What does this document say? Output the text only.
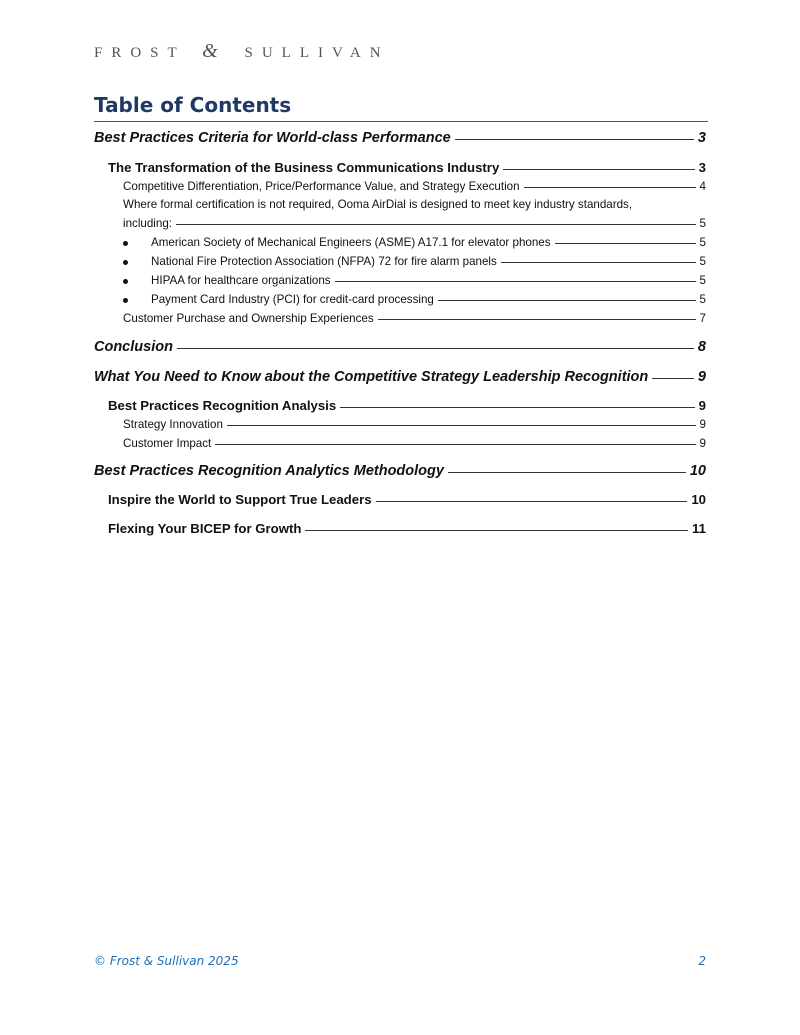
FROST & SULLIVAN
Table of Contents
Best Practices Criteria for World-class Performance	3
The Transformation of the Business Communications Industry	3
Competitive Differentiation, Price/Performance Value, and Strategy Execution	4
Where formal certification is not required, Ooma AirDial is designed to meet key industry standards,
including:	5
American Society of Mechanical Engineers (ASME) A17.1 for elevator phones	5
National Fire Protection Association (NFPA) 72 for fire alarm panels	5
HIPAA for healthcare organizations	5
Payment Card Industry (PCI) for credit-card processing	5
Customer Purchase and Ownership Experiences	7
Conclusion	8
What You Need to Know about the Competitive Strategy Leadership Recognition	9
Best Practices Recognition Analysis	9
Strategy Innovation	9
Customer Impact	9
Best Practices Recognition Analytics Methodology	10
Inspire the World to Support True Leaders	10
Flexing Your BICEP for Growth	11
© Frost & Sullivan 2025	2
